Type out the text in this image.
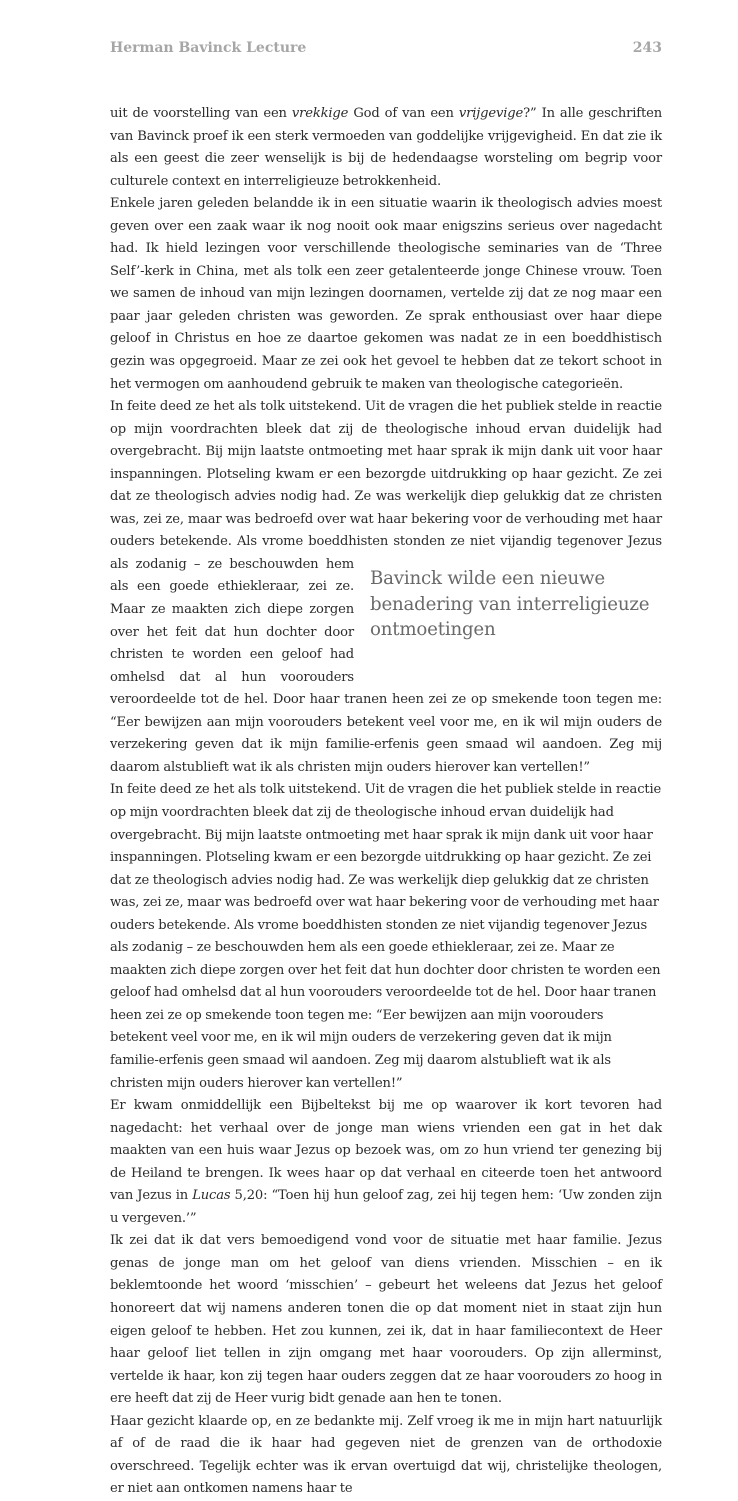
Herman Bavinck Lecture	243

uit de voorstelling van een vrekkige God of van een vrijgevige?” In alle geschriften van Bavinck proef ik een sterk vermoeden van goddelijke vrijgevigheid. En dat zie ik als een geest die zeer wenselijk is bij de hedendaagse worsteling om begrip voor culturele context en interreligieuze betrokkenheid.

Enkele jaren geleden belandde ik in een situatie waarin ik theologisch advies moest geven over een zaak waar ik nog nooit ook maar enigszins serieus over nagedacht had. Ik hield lezingen voor verschillende theologische seminaries van de ‘Three Self’-kerk in China, met als tolk een zeer getalenteerde jonge Chinese vrouw. Toen we samen de inhoud van mijn lezingen doornamen, vertelde zij dat ze nog maar een paar jaar geleden christen was geworden. Ze sprak enthousiast over haar diepe geloof in Christus en hoe ze daartoe gekomen was nadat ze in een boeddhistisch gezin was opgegroeid. Maar ze zei ook het gevoel te hebben dat ze tekort schoot in het vermogen om aanhoudend gebruik te maken van theologische categorieën.

In feite deed ze het als tolk uitstekend. Uit de vragen die het publiek stelde in reactie op mijn voordrachten bleek dat zij de theologische inhoud ervan duidelijk had overgebracht. Bij mijn laatste ontmoeting met haar sprak ik mijn dank uit voor haar inspanningen. Plotseling kwam er een bezorgde uitdrukking op haar gezicht. Ze zei dat ze theologisch advies nodig had. Ze was werkelijk diep gelukkig dat ze christen was, zei ze, maar was bedroefd over wat haar bekering voor de verhouding met haar ouders betekende. Als vrome boeddhisten stonden ze niet
Bavinck wilde een nieuwe
benadering van interreligieuze
ontmoetingen
vijandig tegenover Jezus als zodanig – ze beschouwden hem als een goede ethiekleraar, zei ze. Maar ze maakten zich diepe zorgen over het feit dat hun dochter door christen te worden een geloof had omhelsd dat al hun voorouders veroordeelde tot de hel. Door haar tranen heen zei ze op smekende toon tegen me: “Eer bewijzen aan mijn voorouders betekent veel voor me, en ik wil mijn ouders de verzekering geven dat ik mijn familie-erfenis geen smaad wil aandoen. Zeg mij daarom alstublieft wat ik als christen mijn ouders hierover kan vertellen!”

In feite deed ze het als tolk uitstekend. Uit de vragen die het publiek stelde in reactie op mijn voordrachten bleek dat zij de theologische inhoud ervan duidelijk had overgebracht. Bij mijn laatste ontmoeting met haar sprak ik mijn dank uit voor haar inspanningen. Plotseling kwam er een bezorgde uitdrukking op haar gezicht. Ze zei dat ze theologisch advies nodig had. Ze was werkelijk diep gelukkig dat ze christen was, zei ze, maar was bedroefd over wat haar bekering voor de verhouding met haar ouders betekende. Als vrome boeddhisten stonden ze niet vijandig tegenover Jezus als zodanig – ze beschouwden hem als een goede ethiekleraar, zei ze. Maar ze maakten zich diepe zorgen over het feit dat hun dochter door christen te worden een geloof had omhelsd dat al hun voorouders veroordeelde tot de hel. Door haar tranen heen zei ze op smekende toon tegen me: “Eer bewijzen aan mijn voorouders betekent veel voor me, en ik wil mijn ouders de verzekering geven dat ik mijn familie-erfenis geen smaad wil aandoen. Zeg mij daarom alstublieft wat ik als christen mijn ouders hierover kan vertellen!”

Er kwam onmiddellijk een Bijbeltekst bij me op waarover ik kort tevoren had nagedacht: het verhaal over de jonge man wiens vrienden een gat in het dak maakten van een huis waar Jezus op bezoek was, om zo hun vriend ter genezing bij de Heiland te brengen. Ik wees haar op dat verhaal en citeerde toen het antwoord van Jezus in Lucas 5,20: “Toen hij hun geloof zag, zei hij tegen hem: ‘Uw zonden zijn u vergeven.’”

Ik zei dat ik dat vers bemoedigend vond voor de situatie met haar familie. Jezus genas de jonge man om het geloof van diens vrienden. Misschien – en ik beklemtoonde het woord ‘misschien’ – gebeurt het weleens dat Jezus het geloof honoreert dat wij namens anderen tonen die op dat moment niet in staat zijn hun eigen geloof te hebben. Het zou kunnen, zei ik, dat in haar familiecontext de Heer haar geloof liet tellen in zijn omgang met haar voorouders. Op zijn allerminst, vertelde ik haar, kon zij tegen haar ouders zeggen dat ze haar voorouders zo hoog in ere heeft dat zij de Heer vurig bidt genade aan hen te tonen.

Haar gezicht klaarde op, en ze bedankte mij. Zelf vroeg ik me in mijn hart natuurlijk af of de raad die ik haar had gegeven niet de grenzen van de orthodoxie overschreed. Tegelijk echter was ik ervan overtuigd dat wij, christelijke theologen, er niet aan ontkomen namens haar te
